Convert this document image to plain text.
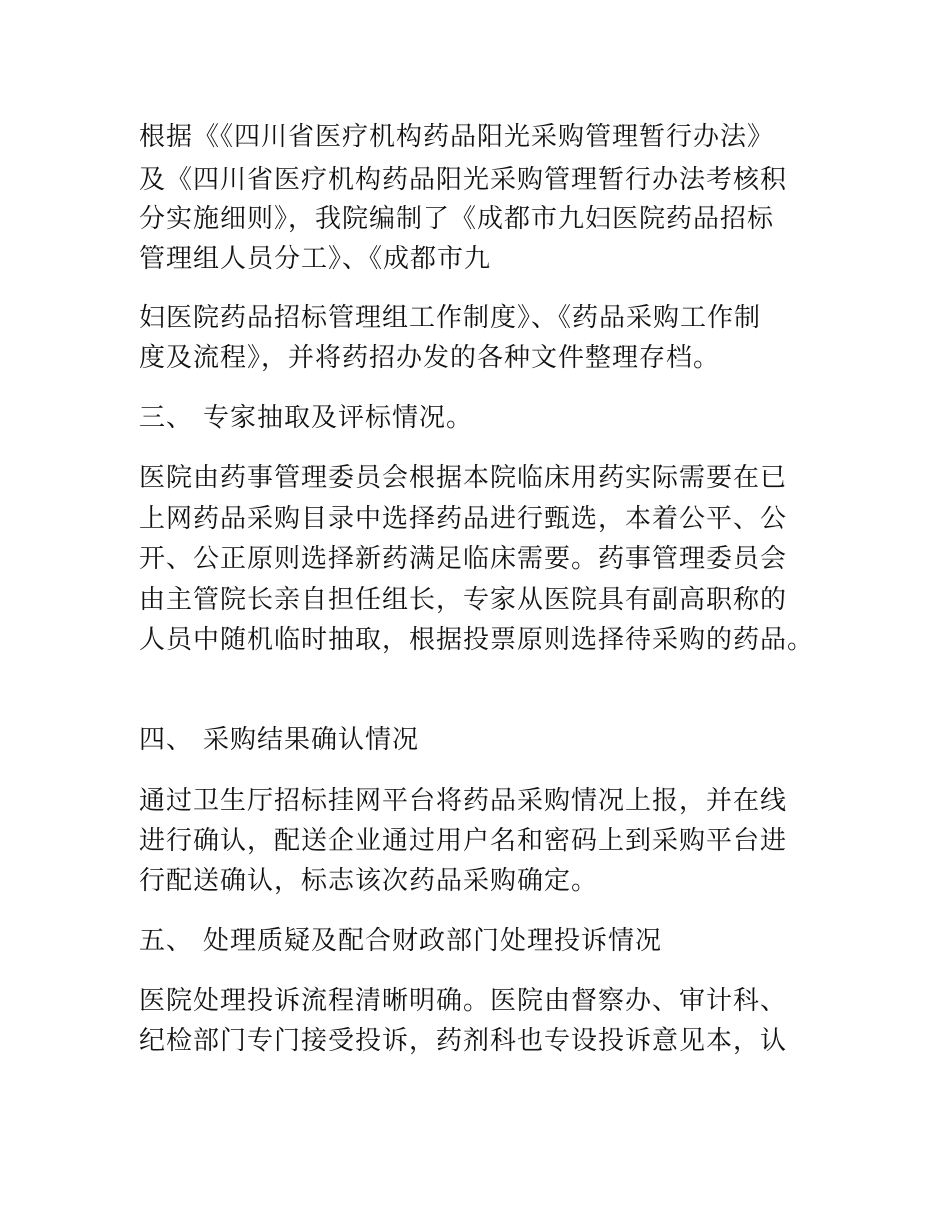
根据《《四川省医疗机构药品阳光采购管理暂行办法》

及《四川省医疗机构药品阳光采购管理暂行办法考核积

分实施细则》，我院编制了《成都市九妇医院药品招标

管理组人员分工》、《成都市九

妇医院药品招标管理组工作制度》、《药品采购工作制

度及流程》，并将药招办发的各种文件整理存档。

三、 专家抽取及评标情况。

医院由药事管理委员会根据本院临床用药实际需要在已

上网药品采购目录中选择药品进行甄选，本着公平、公

开、公正原则选择新药满足临床需要。药事管理委员会

由主管院长亲自担任组长，专家从医院具有副高职称的

人员中随机临时抽取，根据投票原则选择待采购的药品。

四、 采购结果确认情况

通过卫生厅招标挂网平台将药品采购情况上报，并在线

进行确认，配送企业通过用户名和密码上到采购平台进

行配送确认，标志该次药品采购确定。

五、 处理质疑及配合财政部门处理投诉情况

医院处理投诉流程清晰明确。医院由督察办、审计科、

纪检部门专门接受投诉，药剂科也专设投诉意见本，认
